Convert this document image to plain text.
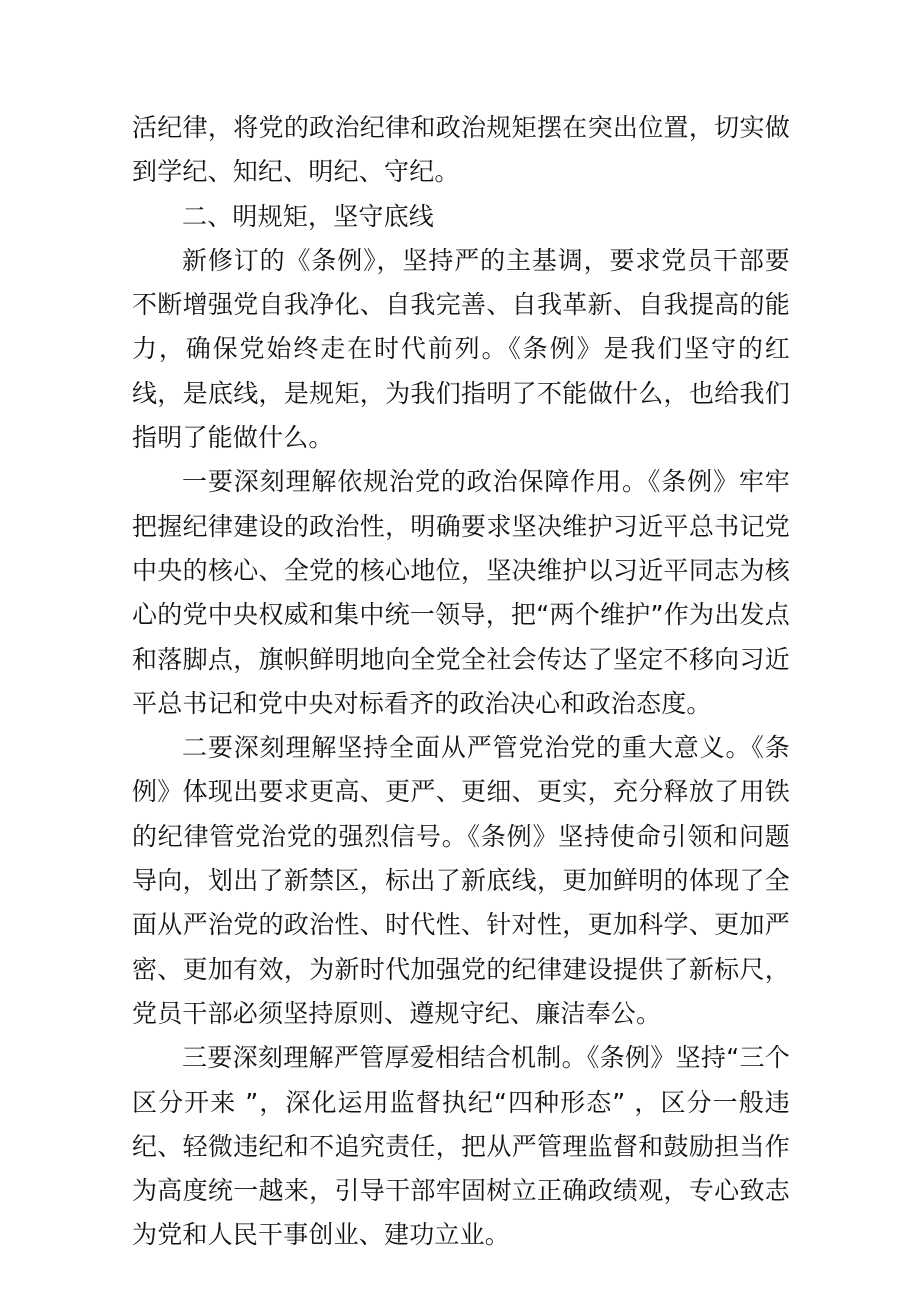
活纪律，将党的政治纪律和政治规矩摆在突出位置，切实做到学纪、知纪、明纪、守纪。

二、明规矩，坚守底线

新修订的《条例》，坚持严的主基调，要求党员干部要不断增强党自我净化、自我完善、自我革新、自我提高的能力，确保党始终走在时代前列。《条例》是我们坚守的红线，是底线，是规矩，为我们指明了不能做什么，也给我们指明了能做什么。

一要深刻理解依规治党的政治保障作用。《条例》牢牢把握纪律建设的政治性，明确要求坚决维护习近平总书记党中央的核心、全党的核心地位，坚决维护以习近平同志为核心的党中央权威和集中统一领导，把“两个维护”作为出发点和落脚点，旗帜鲜明地向全党全社会传达了坚定不移向习近平总书记和党中央对标看齐的政治决心和政治态度。

二要深刻理解坚持全面从严管党治党的重大意义。《条例》体现出要求更高、更严、更细、更实，充分释放了用铁的纪律管党治党的强烈信号。《条例》坚持使命引领和问题导向，划出了新禁区，标出了新底线，更加鲜明的体现了全面从严治党的政治性、时代性、针对性，更加科学、更加严密、更加有效，为新时代加强党的纪律建设提供了新标尺，党员干部必须坚持原则、遵规守纪、廉洁奉公。

三要深刻理解严管厚爱相结合机制。《条例》坚持“三个区分开来 ”，深化运用监督执纪“四种形态” ，区分一般违纪、轻微违纪和不追究责任，把从严管理监督和鼓励担当作为高度统一越来，引导干部牢固树立正确政绩观，专心致志为党和人民干事创业、建功立业。
